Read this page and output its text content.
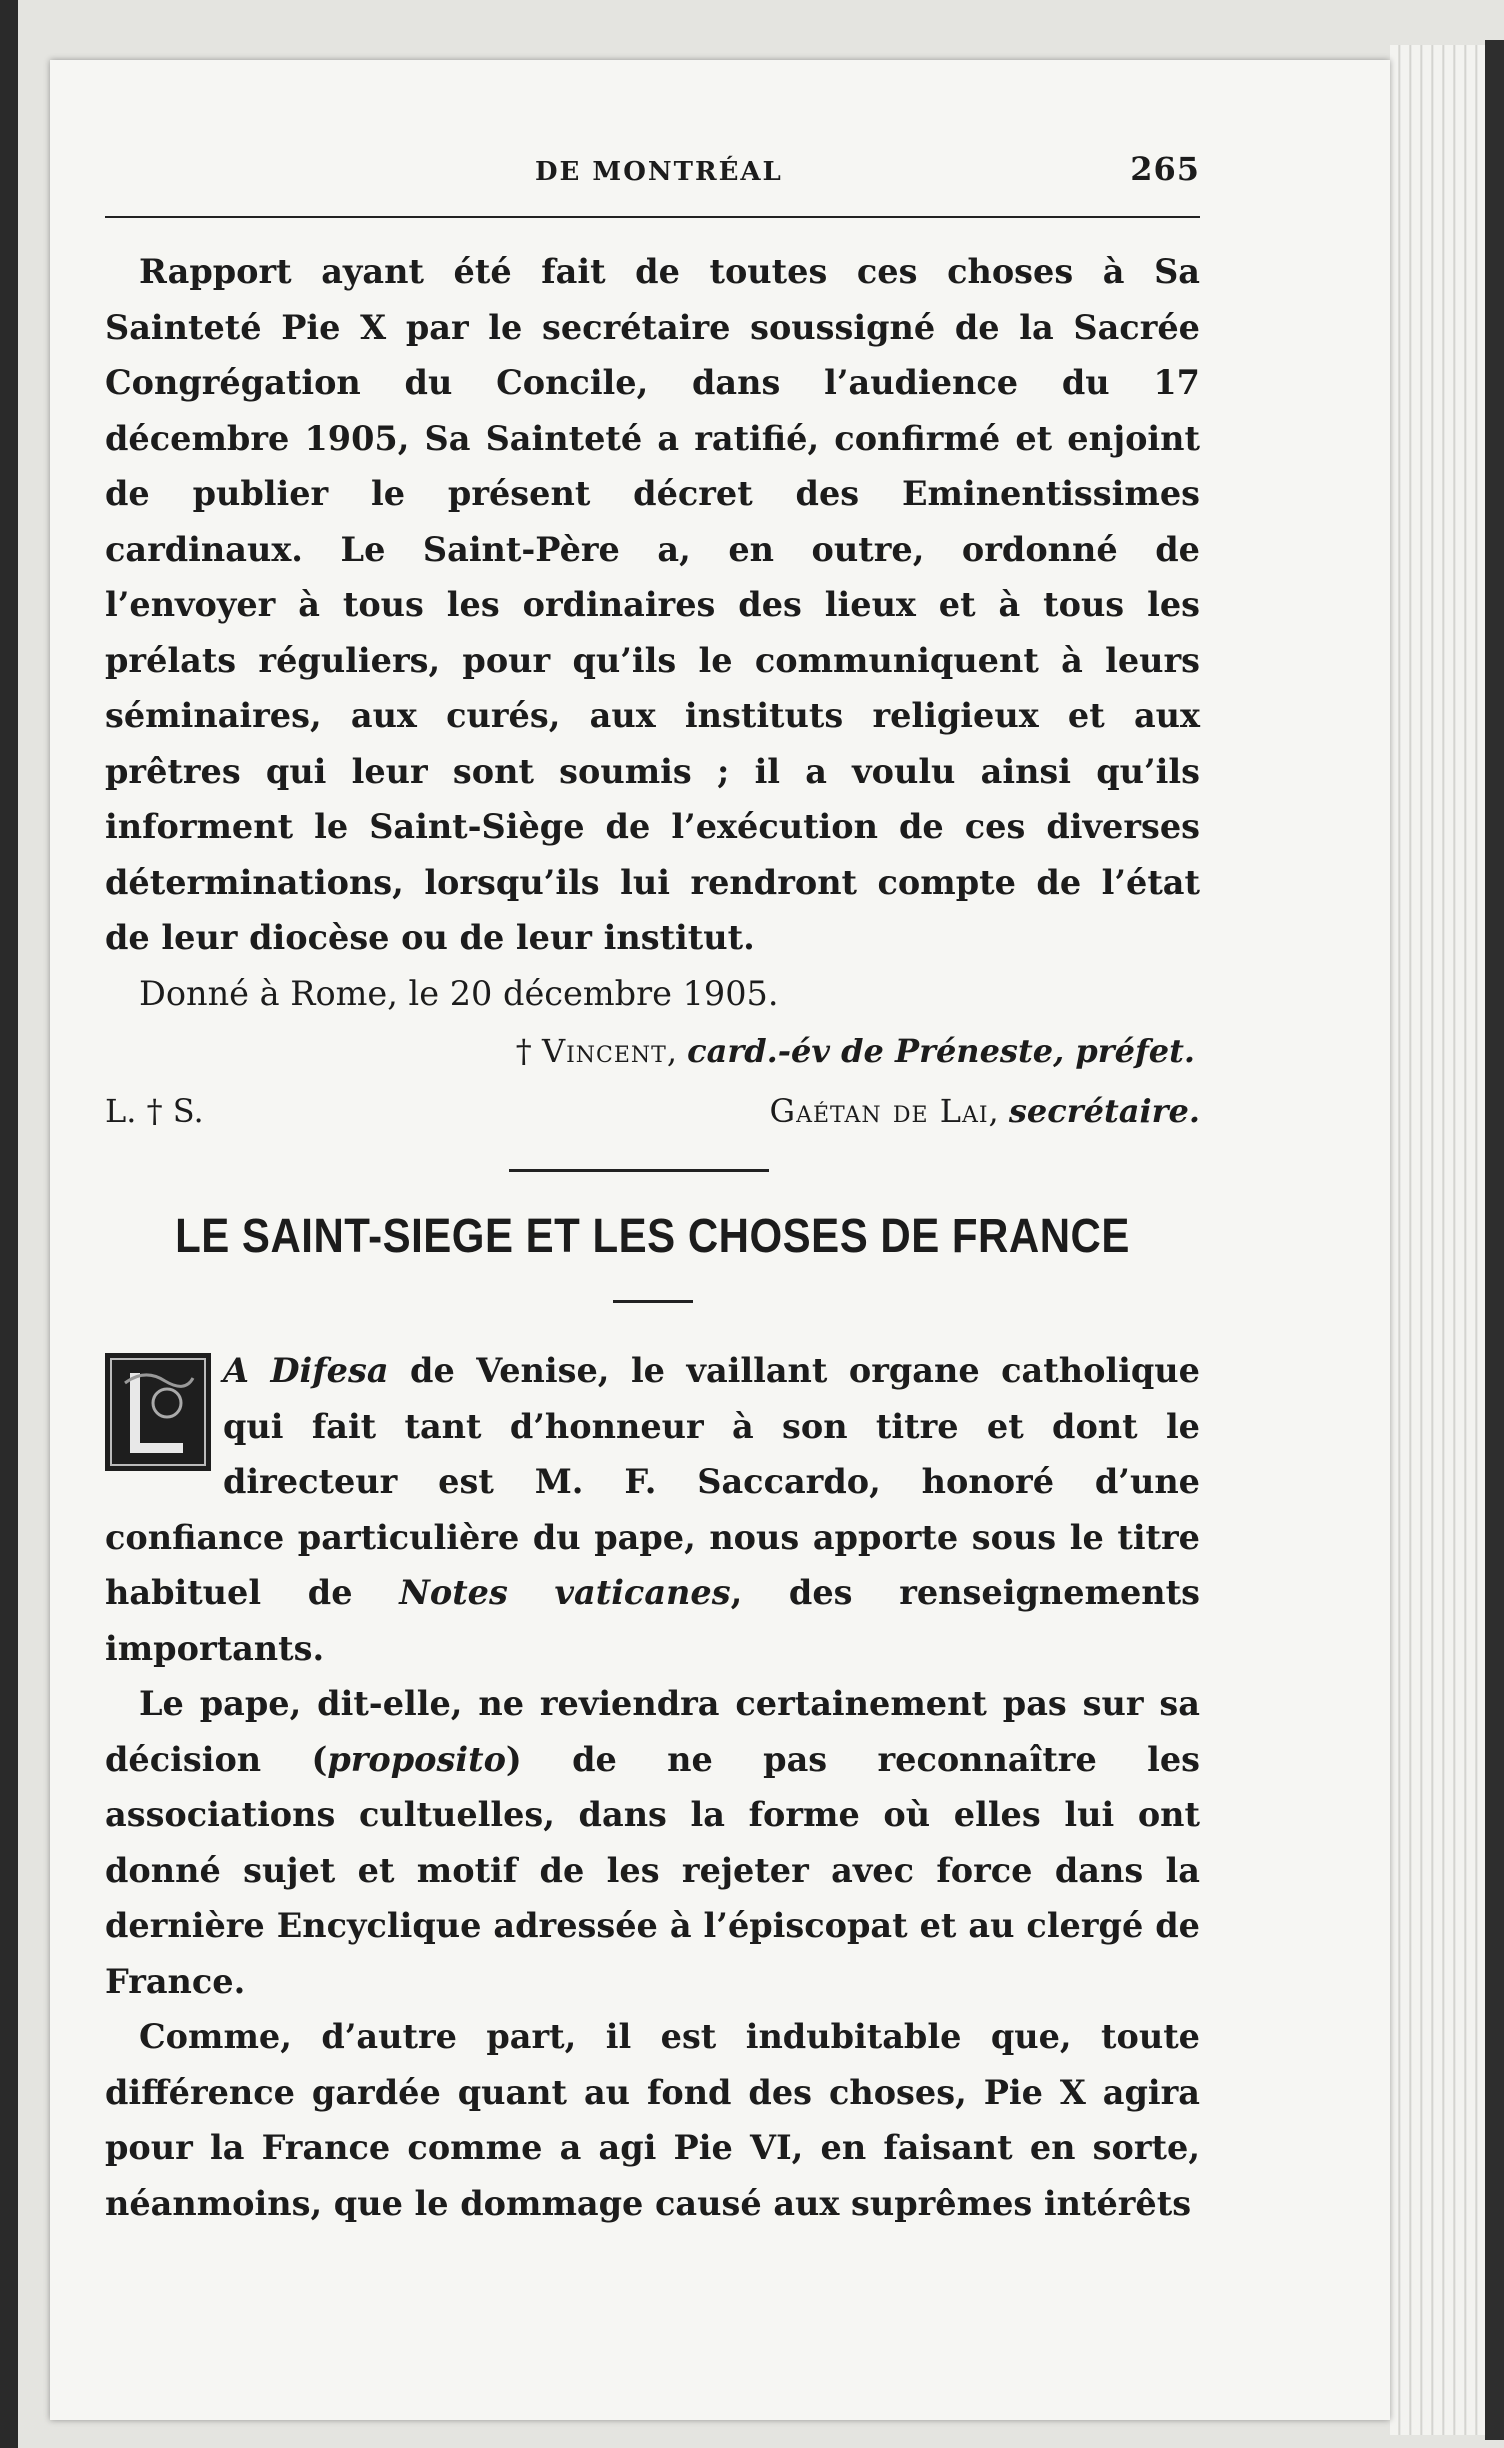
DE MONTRÉAL	265

Rapport ayant été fait de toutes ces choses à Sa Sainteté Pie X par le secrétaire soussigné de la Sacrée Congrégation du Concile, dans l’audience du 17 décembre 1905, Sa Sainteté a ratifié, confirmé et enjoint de publier le présent décret des Eminentissimes cardinaux. Le Saint-Père a, en outre, ordonné de l’envoyer à tous les ordinaires des lieux et à tous les prélats réguliers, pour qu’ils le communiquent à leurs séminaires, aux curés, aux instituts religieux et aux prêtres qui leur sont soumis ; il a voulu ainsi qu’ils informent le Saint-Siège de l’exécution de ces diverses déterminations, lorsqu’ils lui rendront compte de l’état de leur diocèse ou de leur institut.

Donné à Rome, le 20 décembre 1905.

† Vincent, card.-év de Préneste, préfet.
L. † S.	Gaétan de Lai, secrétaire.
LE SAINT-SIEGE ET LES CHOSES DE FRANCE

A Difesa de Venise, le vaillant organe catholique qui fait tant d’honneur à son titre et dont le directeur est M. F. Saccardo, honoré d’une confiance particulière du pape, nous apporte sous le titre habituel de Notes vaticanes, des renseignements importants.

Le pape, dit-elle, ne reviendra certainement pas sur sa décision (proposito) de ne pas reconnaître les associations cultuelles, dans la forme où elles lui ont donné sujet et motif de les rejeter avec force dans la dernière Encyclique adressée à l’épiscopat et au clergé de France.

Comme, d’autre part, il est indubitable que, toute différence gardée quant au fond des choses, Pie X agira pour la France comme a agi Pie VI, en faisant en sorte, néanmoins, que le dommage causé aux suprêmes intérêts
